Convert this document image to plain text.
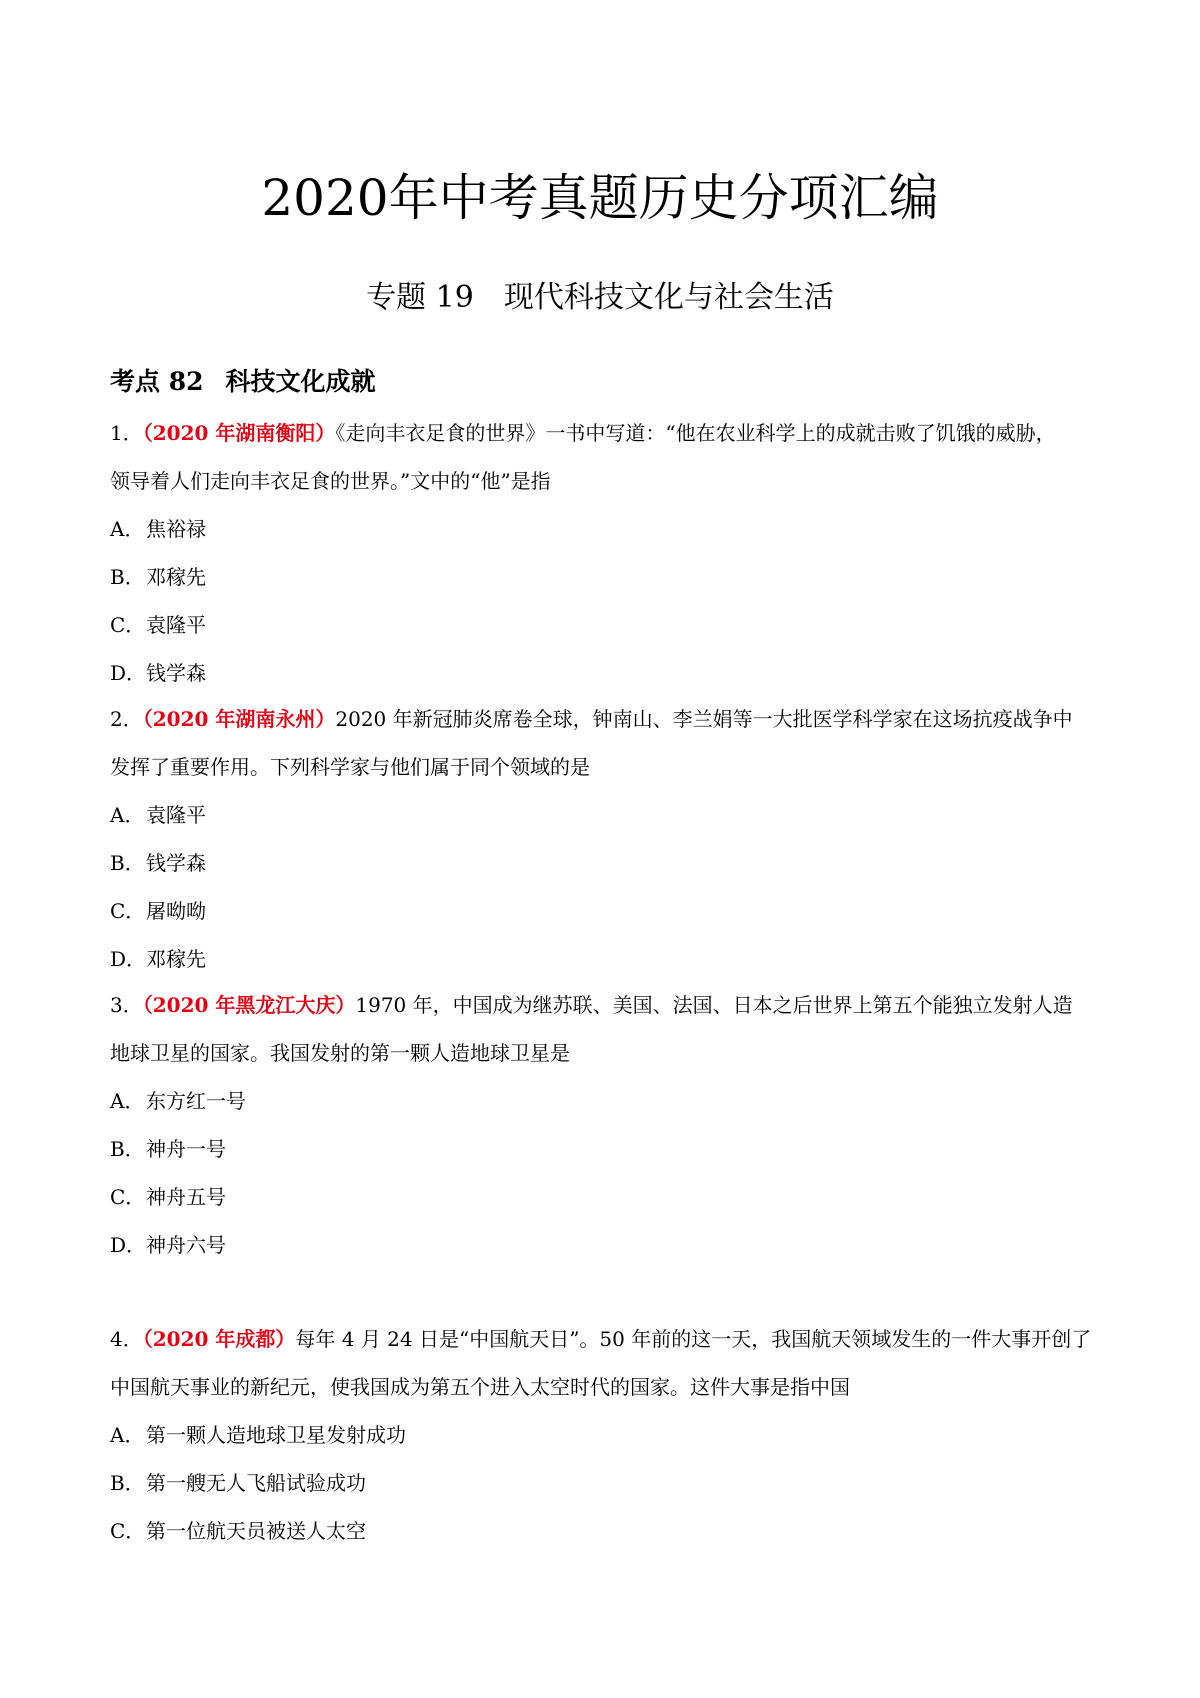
2020年中考真题历史分项汇编
专题 19 现代科技文化与社会生活
考点 82 科技文化成就
1．（2020 年湖南衡阳）《走向丰衣足食的世界》一书中写道：“他在农业科学上的成就击败了饥饿的威胁，
领导着人们走向丰衣足食的世界。”文中的“他”是指
A．焦裕禄
B．邓稼先
C．袁隆平
D．钱学森
2．（2020 年湖南永州）2020 年新冠肺炎席卷全球，钟南山、李兰娟等一大批医学科学家在这场抗疫战争中
发挥了重要作用。下列科学家与他们属于同个领域的是
A．袁隆平
B．钱学森
C．屠呦呦
D．邓稼先
3．（2020 年黑龙江大庆）1970 年，中国成为继苏联、美国、法国、日本之后世界上第五个能独立发射人造
地球卫星的国家。我国发射的第一颗人造地球卫星是
A．东方红一号
B．神舟一号
C．神舟五号
D．神舟六号
4．（2020 年成都）每年 4 月 24 日是“中国航天日”。50 年前的这一天，我国航天领域发生的一件大事开创了
中国航天事业的新纪元，使我国成为第五个进入太空时代的国家。这件大事是指中国
A．第一颗人造地球卫星发射成功
B．第一艘无人飞船试验成功
C．第一位航天员被送人太空
